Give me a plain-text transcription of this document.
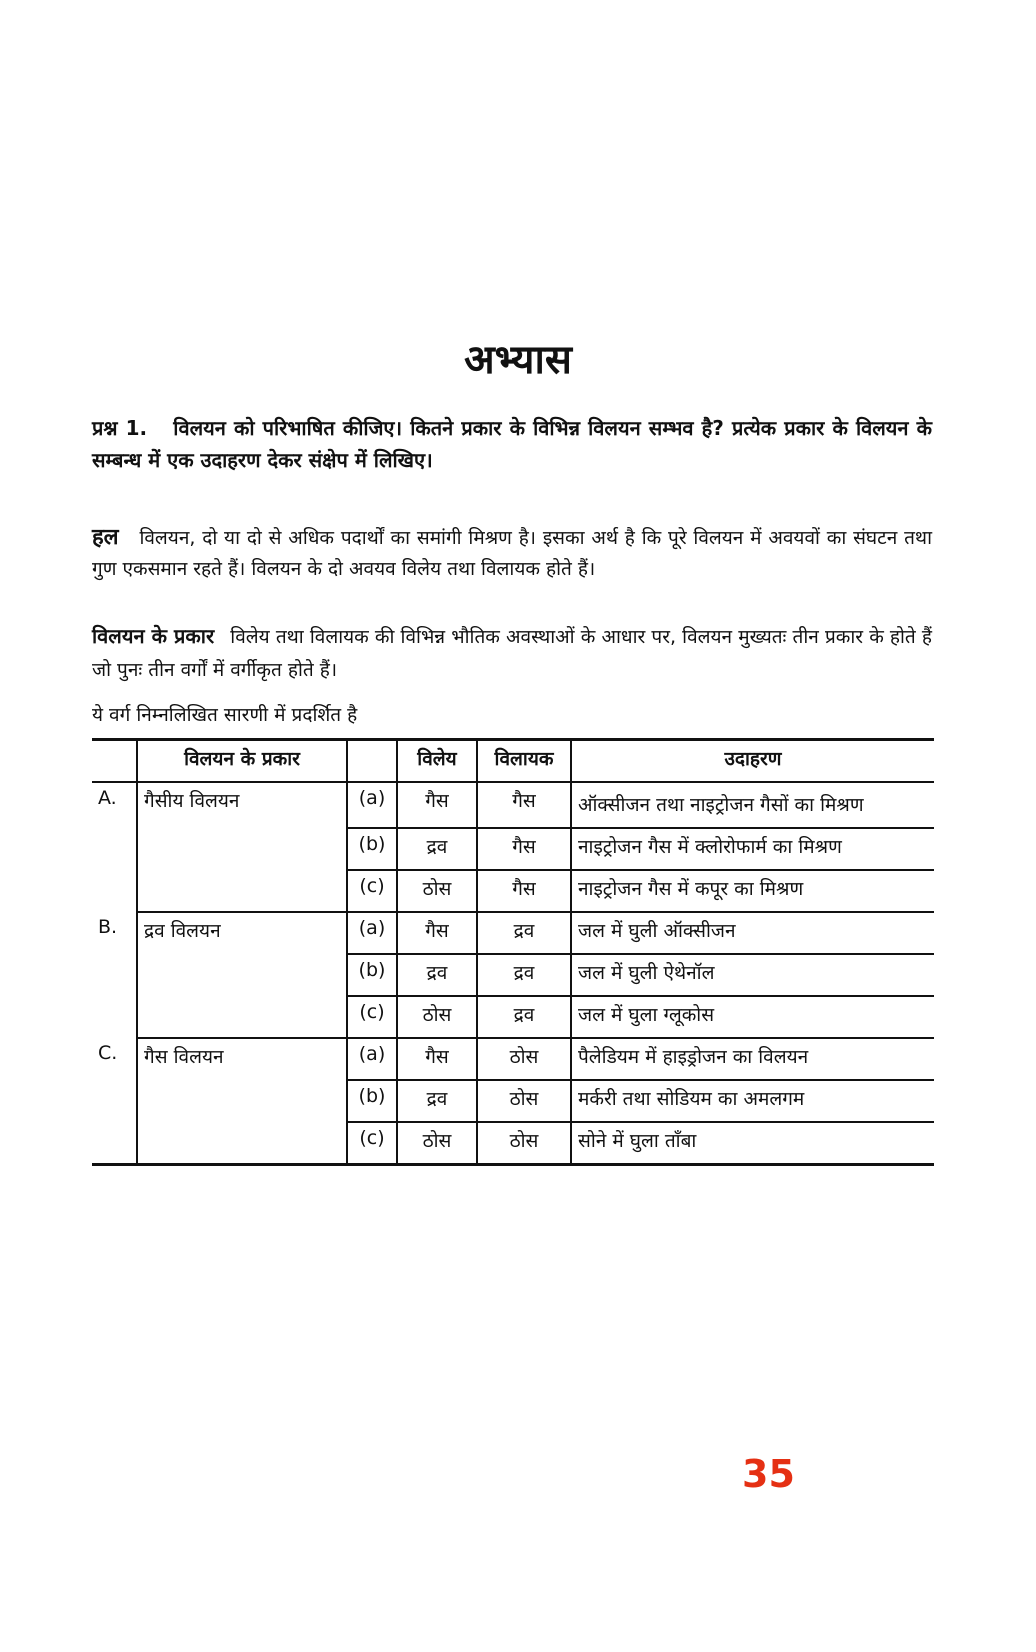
अभ्यास
प्रश्न 1. विलयन को परिभाषित कीजिए। कितने प्रकार के विभिन्न विलयन सम्भव है? प्रत्येक प्रकार के विलयन के सम्बन्ध में एक उदाहरण देकर संक्षेप में लिखिए।
हल विलयन, दो या दो से अधिक पदार्थों का समांगी मिश्रण है। इसका अर्थ है कि पूरे विलयन में अवयवों का संघटन तथा गुण एकसमान रहते हैं। विलयन के दो अवयव विलेय तथा विलायक होते हैं।
विलयन के प्रकार विलेय तथा विलायक की विभिन्न भौतिक अवस्थाओं के आधार पर, विलयन मुख्यतः तीन प्रकार के होते हैं जो पुनः तीन वर्गों में वर्गीकृत होते हैं।
ये वर्ग निम्नलिखित सारणी में प्रदर्शित है
	विलयन के प्रकार		विलेय	विलायक	उदाहरण
A.	गैसीय विलयन	(a)	गैस	गैस	ऑक्सीजन तथा नाइट्रोजन गैसों का मिश्रण
		(b)	द्रव	गैस	नाइट्रोजन गैस में क्लोरोफार्म का मिश्रण
		(c)	ठोस	गैस	नाइट्रोजन गैस में कपूर का मिश्रण
B.	द्रव विलयन	(a)	गैस	द्रव	जल में घुली ऑक्सीजन
		(b)	द्रव	द्रव	जल में घुली ऐथेनॉल
		(c)	ठोस	द्रव	जल में घुला ग्लूकोस
C.	गैस विलयन	(a)	गैस	ठोस	पैलेडियम में हाइड्रोजन का विलयन
		(b)	द्रव	ठोस	मर्करी तथा सोडियम का अमलगम
		(c)	ठोस	ठोस	सोने में घुला ताँबा
35
